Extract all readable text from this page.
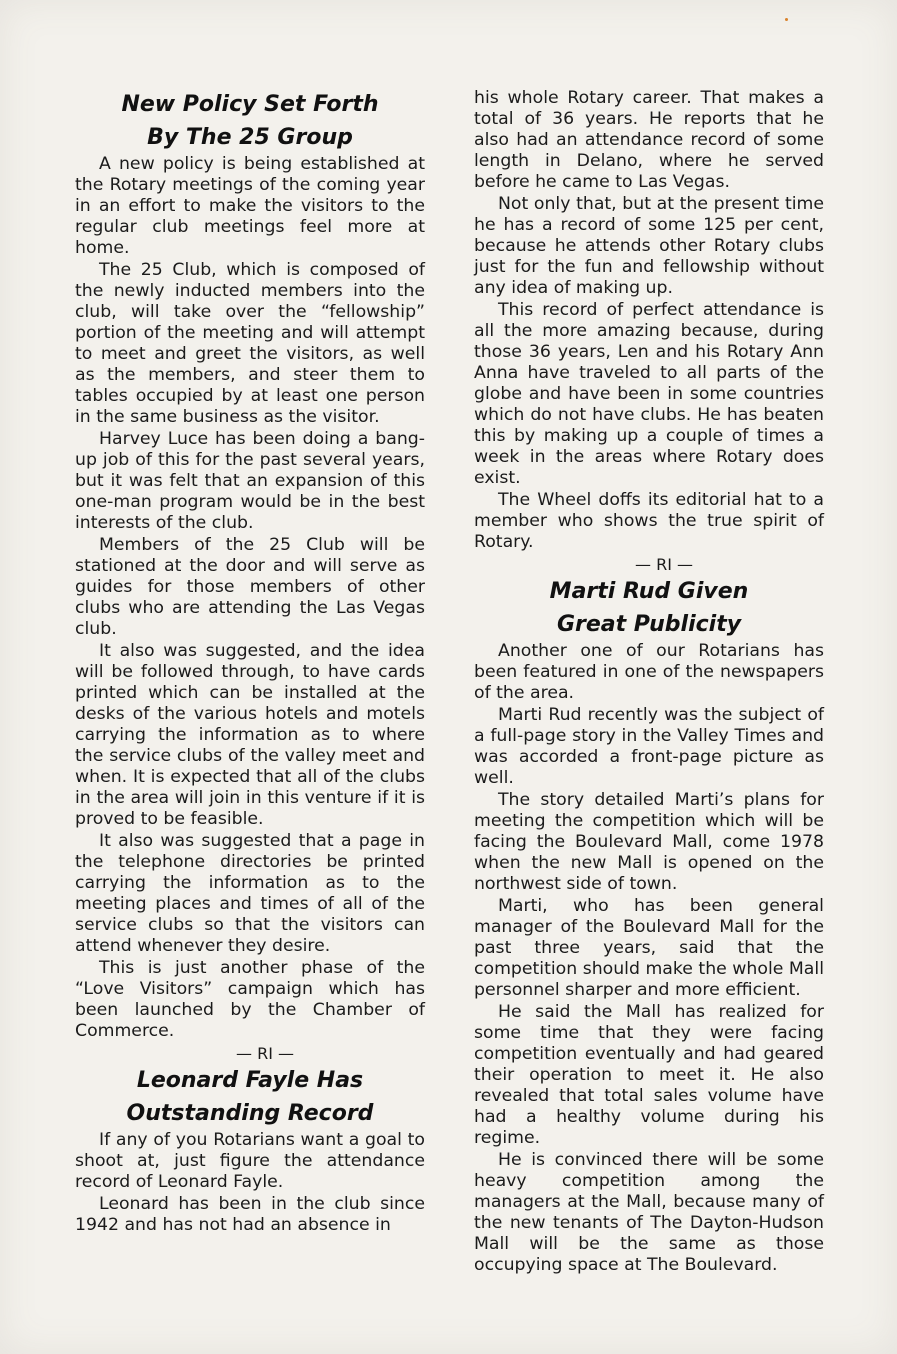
New Policy Set Forth
By The 25 Group

A new policy is being established at the Rotary meetings of the coming year in an effort to make the visitors to the regular club meetings feel more at home.

The 25 Club, which is composed of the newly inducted members into the club, will take over the “fellowship” portion of the meeting and will attempt to meet and greet the visitors, as well as the members, and steer them to tables occupied by at least one person in the same business as the visitor.

Harvey Luce has been doing a bang-up job of this for the past several years, but it was felt that an expansion of this one-man program would be in the best interests of the club.

Members of the 25 Club will be stationed at the door and will serve as guides for those members of other clubs who are attending the Las Vegas club.

It also was suggested, and the idea will be followed through, to have cards printed which can be installed at the desks of the various hotels and motels carrying the information as to where the service clubs of the valley meet and when. It is expected that all of the clubs in the area will join in this venture if it is proved to be feasible.

It also was suggested that a page in the telephone directories be printed carrying the information as to the meeting places and times of all of the service clubs so that the visitors can attend whenever they desire.

This is just another phase of the “Love Visitors” campaign which has been launched by the Chamber of Commerce.

— RI —

Leonard Fayle Has
Outstanding Record

If any of you Rotarians want a goal to shoot at, just figure the attendance record of Leonard Fayle.

Leonard has been in the club since 1942 and has not had an absence in

his whole Rotary career. That makes a total of 36 years. He reports that he also had an attendance record of some length in Delano, where he served before he came to Las Vegas.

Not only that, but at the present time he has a record of some 125 per cent, because he attends other Rotary clubs just for the fun and fellowship without any idea of making up.

This record of perfect attendance is all the more amazing because, during those 36 years, Len and his Rotary Ann Anna have traveled to all parts of the globe and have been in some countries which do not have clubs. He has beaten this by making up a couple of times a week in the areas where Rotary does exist.

The Wheel doffs its editorial hat to a member who shows the true spirit of Rotary.

— RI —

Marti Rud Given
Great Publicity

Another one of our Rotarians has been featured in one of the newspapers of the area.

Marti Rud recently was the subject of a full-page story in the Valley Times and was accorded a front-page picture as well.

The story detailed Marti’s plans for meeting the competition which will be facing the Boulevard Mall, come 1978 when the new Mall is opened on the northwest side of town.

Marti, who has been general manager of the Boulevard Mall for the past three years, said that the competition should make the whole Mall personnel sharper and more efficient.

He said the Mall has realized for some time that they were facing competition eventually and had geared their operation to meet it. He also revealed that total sales volume have had a healthy volume during his regime.

He is convinced there will be some heavy competition among the managers at the Mall, because many of the new tenants of The Dayton-Hudson Mall will be the same as those occupying space at The Boulevard.
